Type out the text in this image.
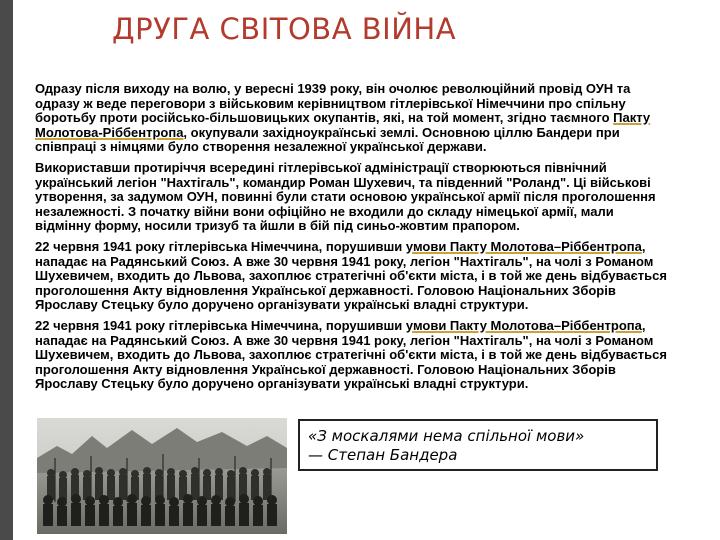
ДРУГА СВІТОВА ВІЙНА

Одразу після виходу на волю, у вересні 1939 року, він очолює революційний провід ОУН та одразу ж веде переговори з військовим керівництвом гітлерівської Німеччини про спільну боротьбу проти російсько-більшовицьких окупантів, які, на той момент, згідно таємного Пакту Молотова-Ріббентропа, окупували західноукраїнські землі. Основною ціллю Бандери при співпраці з німцями було створення незалежної української держави.

Використавши протиріччя всередині гітлерівської адміністрації створюються північний український легіон "Нахтігаль", командир Роман Шухевич, та південний "Роланд". Ці військові утворення, за задумом ОУН, повинні були стати основою української армії після проголошення незалежності. З початку війни вони офіційно не входили до складу німецької армії, мали відмінну форму, носили тризуб та йшли в бій під синьо-жовтим прапором.

22 червня 1941 року гітлерівська Німеччина, порушивши умови Пакту Молотова–Ріббентропа, нападає на Радянський Союз. А вже 30 червня 1941 року, легіон "Нахтігаль", на чолі з Романом Шухевичем, входить до Львова, захоплює стратегічні об'єкти міста, і в той же день відбувається проголошення Акту відновлення Української державності. Головою Національних Зборів Ярославу Стецьку було доручено організувати українські владні структури.

22 червня 1941 року гітлерівська Німеччина, порушивши умови Пакту Молотова–Ріббентропа, нападає на Радянський Союз. А вже 30 червня 1941 року, легіон "Нахтігаль", на чолі з Романом Шухевичем, входить до Львова, захоплює стратегічні об'єкти міста, і в той же день відбувається проголошення Акту відновлення Української державності. Головою Національних Зборів Ярославу Стецьку було доручено організувати українські владні структури.

«З москалями нема спільної мови»
— Степан Бандера
